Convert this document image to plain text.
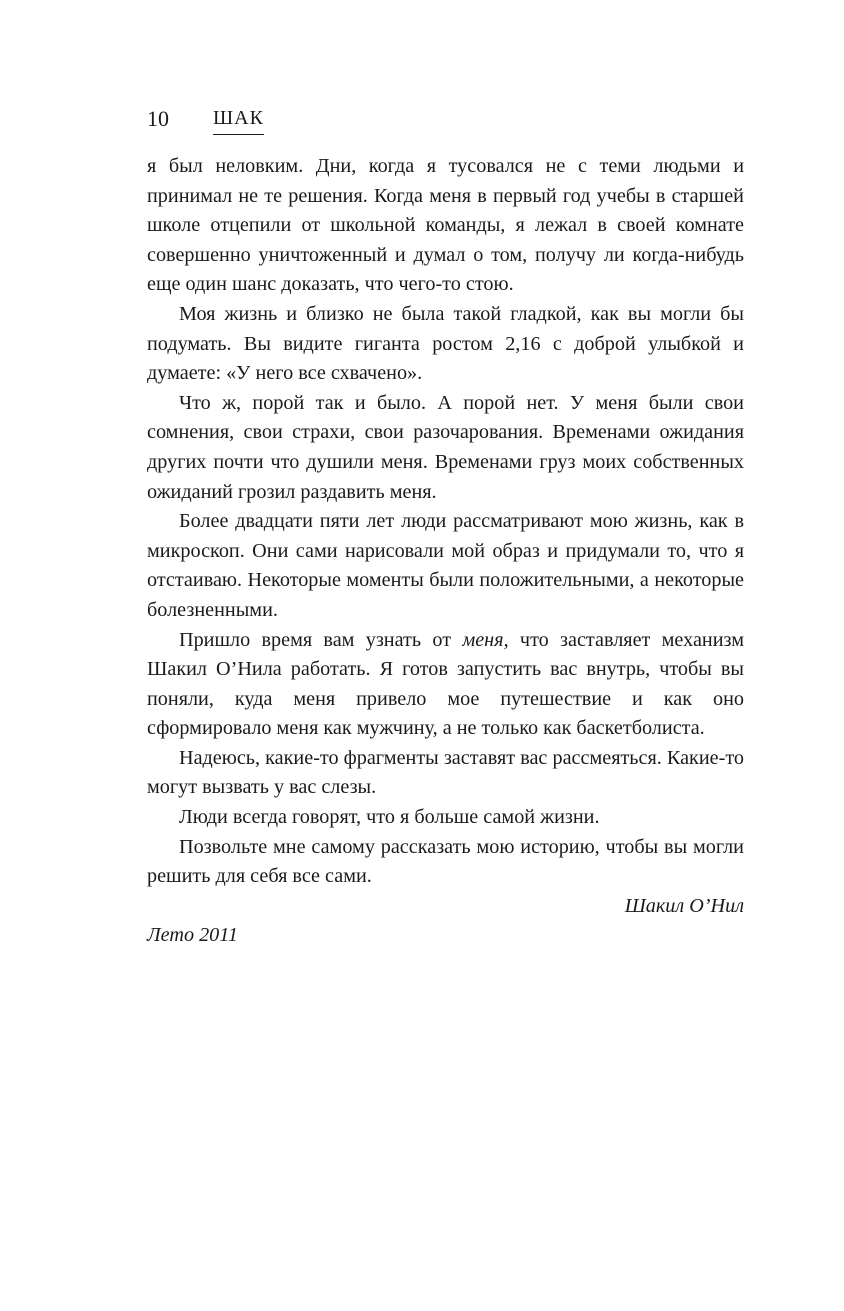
10 ШАК

я был неловким. Дни, когда я тусовался не с теми людьми и принимал не те решения. Когда меня в первый год учебы в старшей школе отцепили от школьной команды, я лежал в своей комнате совершенно уничтоженный и думал о том, получу ли когда-нибудь еще один шанс доказать, что чего-то стою.

Моя жизнь и близко не была такой гладкой, как вы могли бы подумать. Вы видите гиганта ростом 2,16 с доброй улыбкой и думаете: «У него все схвачено».

Что ж, порой так и было. А порой нет. У меня были свои сомнения, свои страхи, свои разочарования. Временами ожидания других почти что душили меня. Временами груз моих собственных ожиданий грозил раздавить меня.

Более двадцати пяти лет люди рассматривают мою жизнь, как в микроскоп. Они сами нарисовали мой образ и придумали то, что я отстаиваю. Некоторые моменты были положительными, а некоторые болезненными.

Пришло время вам узнать от меня, что заставляет механизм Шакил О’Нила работать. Я готов запустить вас внутрь, чтобы вы поняли, куда меня привело мое путешествие и как оно сформировало меня как мужчину, а не только как баскетболиста.

Надеюсь, какие-то фрагменты заставят вас рассмеяться. Какие-то могут вызвать у вас слезы.

Люди всегда говорят, что я больше самой жизни.

Позвольте мне самому рассказать мою историю, чтобы вы могли решить для себя все сами.

Шакил О’Нил

Лето 2011
